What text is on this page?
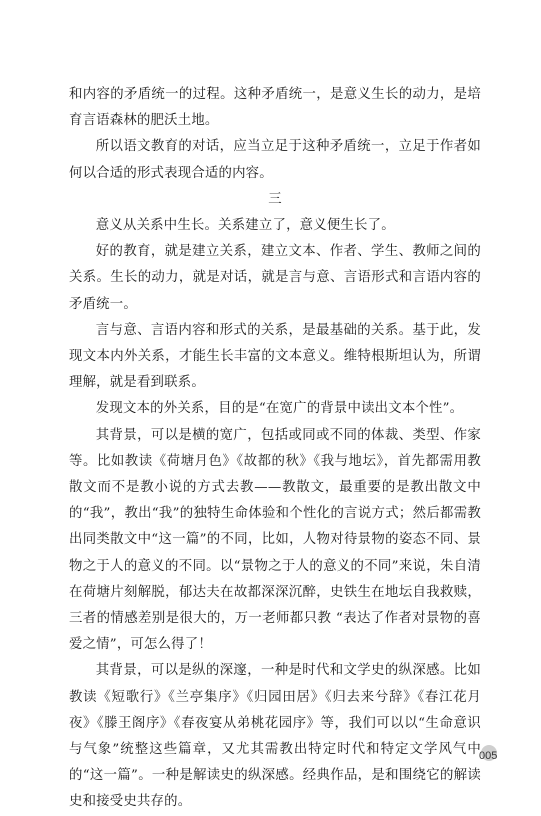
和内容的矛盾统一的过程。这种矛盾统一，是意义生长的动力，是培育言语森林的肥沃土地。

所以语文教育的对话，应当立足于这种矛盾统一，立足于作者如何以合适的形式表现合适的内容。

三

意义从关系中生长。关系建立了，意义便生长了。

好的教育，就是建立关系，建立文本、作者、学生、教师之间的关系。生长的动力，就是对话，就是言与意、言语形式和言语内容的矛盾统一。

言与意、言语内容和形式的关系，是最基础的关系。基于此，发现文本内外关系，才能生长丰富的文本意义。维特根斯坦认为，所谓理解，就是看到联系。

发现文本的外关系，目的是“在宽广的背景中读出文本个性”。

其背景，可以是横的宽广，包括或同或不同的体裁、类型、作家等。比如教读《荷塘月色》《故都的秋》《我与地坛》，首先都需用教散文而不是教小说的方式去教——教散文，最重要的是教出散文中的“我”，教出“我”的独特生命体验和个性化的言说方式；然后都需教出同类散文中“这一篇”的不同，比如，人物对待景物的姿态不同、景物之于人的意义的不同。以“景物之于人的意义的不同”来说，朱自清在荷塘片刻解脱，郁达夫在故都深深沉醉，史铁生在地坛自我救赎，三者的情感差别是很大的，万一老师都只教 “表达了作者对景物的喜爱之情”，可怎么得了！

其背景，可以是纵的深邃，一种是时代和文学史的纵深感。比如教读《短歌行》《兰亭集序》《归园田居》《归去来兮辞》《春江花月夜》《滕王阁序》《春夜宴从弟桃花园序》等，我们可以以“生命意识与气象”统整这些篇章，又尤其需教出特定时代和特定文学风气中的“这一篇”。一种是解读史的纵深感。经典作品，是和围绕它的解读史和接受史共存的。

005
